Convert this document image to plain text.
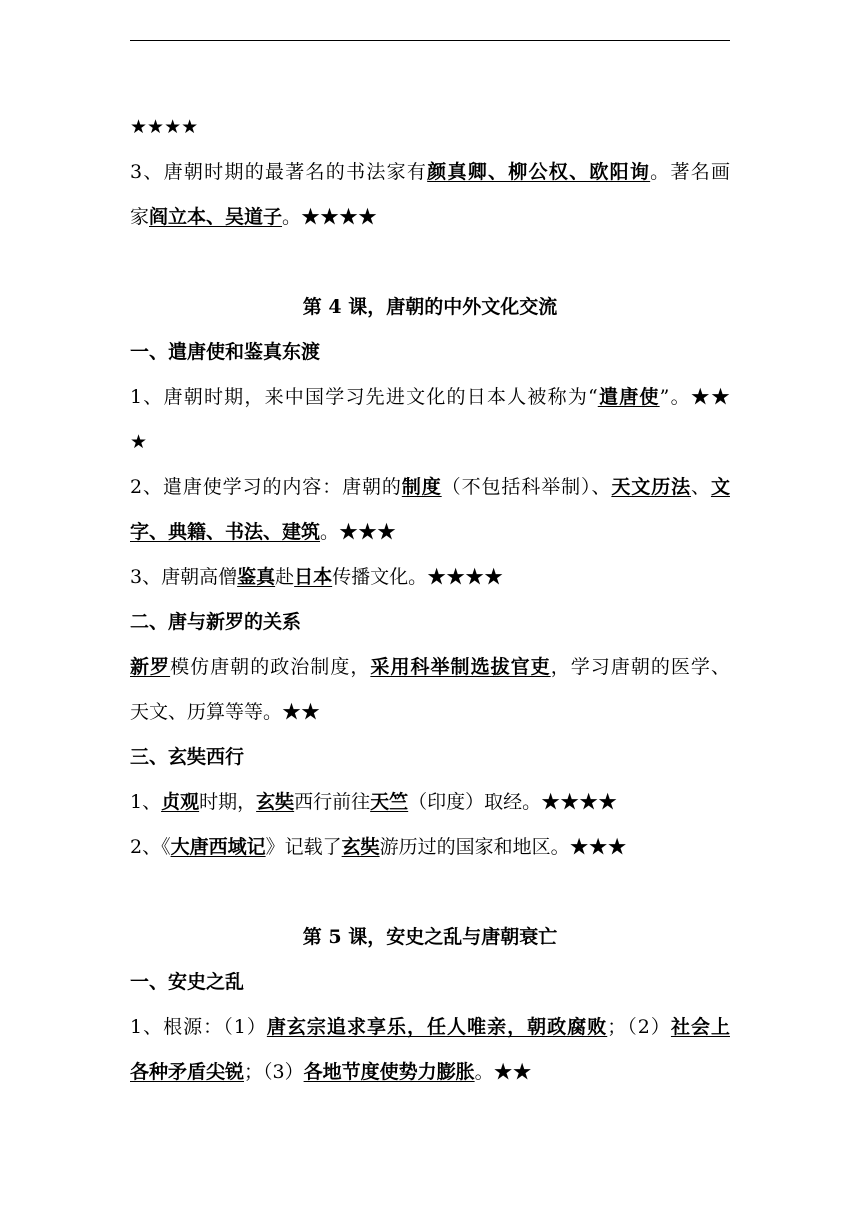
★★★★
3、唐朝时期的最著名的书法家有颜真卿、柳公权、欧阳询。著名画
家阎立本、吴道子。★★★★
第 4 课，唐朝的中外文化交流
一、遣唐使和鉴真东渡
1、唐朝时期，来中国学习先进文化的日本人被称为“遣唐使”。★★
★
2、遣唐使学习的内容：唐朝的制度（不包括科举制）、天文历法、文
字、典籍、书法、建筑。★★★
3、唐朝高僧鉴真赴日本传播文化。★★★★
二、唐与新罗的关系
新罗模仿唐朝的政治制度，采用科举制选拔官吏，学习唐朝的医学、
天文、历算等等。★★
三、玄奘西行
1、贞观时期，玄奘西行前往天竺（印度）取经。★★★★
2、《大唐西域记》记载了玄奘游历过的国家和地区。★★★
第 5 课，安史之乱与唐朝衰亡
一、安史之乱
1、根源：（1）唐玄宗追求享乐，任人唯亲，朝政腐败；（2）社会上
各种矛盾尖锐；（3）各地节度使势力膨胀。★★
